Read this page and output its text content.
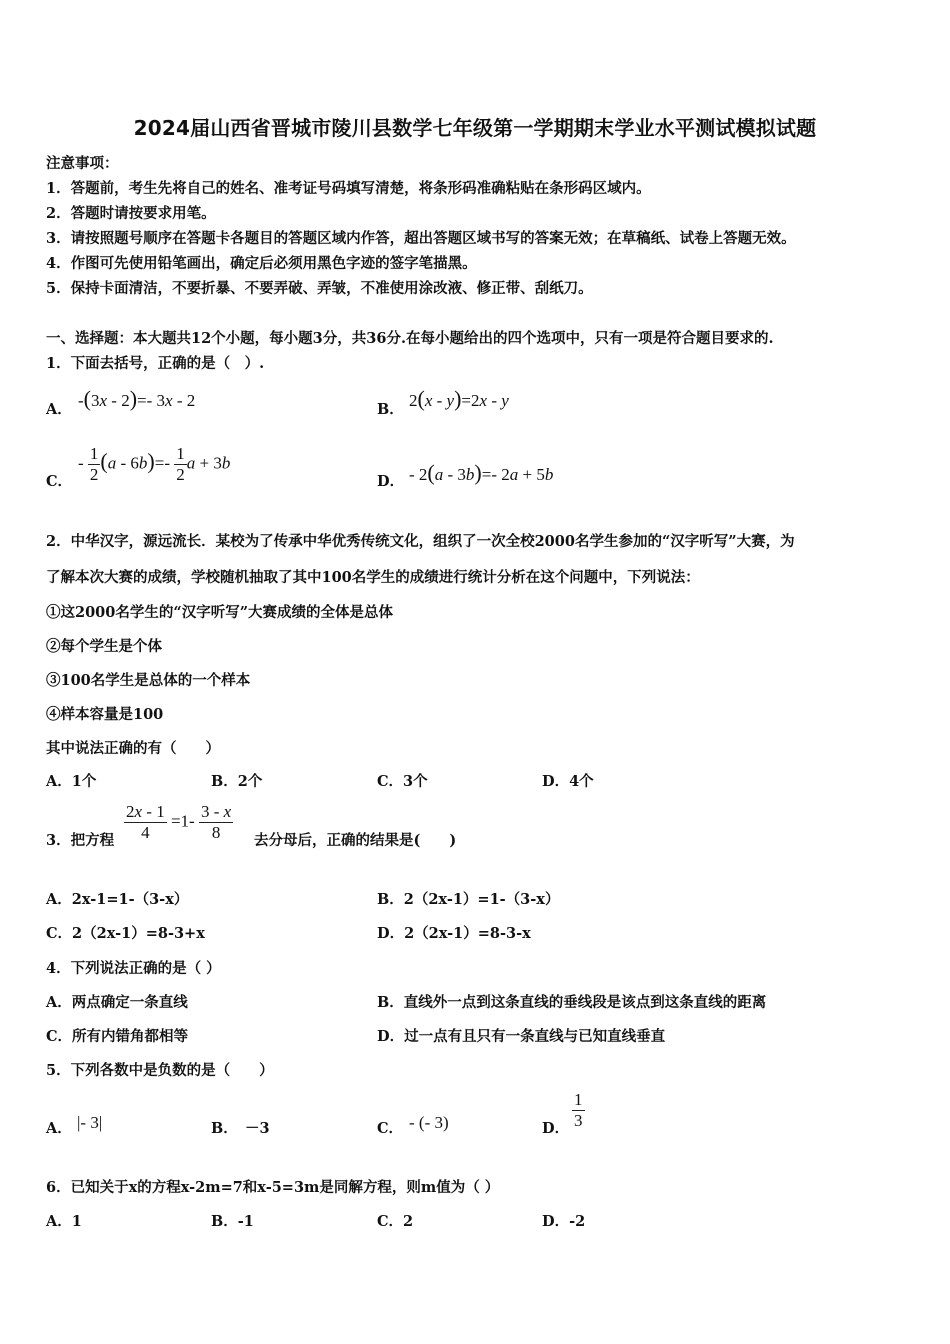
2024届山西省晋城市陵川县数学七年级第一学期期末学业水平测试模拟试题
注意事项：
1．答题前，考生先将自己的姓名、准考证号码填写清楚，将条形码准确粘贴在条形码区域内。
2．答题时请按要求用笔。
3．请按照题号顺序在答题卡各题目的答题区域内作答，超出答题区域书写的答案无效；在草稿纸、试卷上答题无效。
4．作图可先使用铅笔画出，确定后必须用黑色字迹的签字笔描黑。
5．保持卡面清洁，不要折暴、不要弄破、弄皱，不准使用涂改液、修正带、刮纸刀。
一、选择题：本大题共12个小题，每小题3分，共36分.在每小题给出的四个选项中，只有一项是符合题目要求的.
1．下面去括号，正确的是（　）.
A． -(3x - 2)=- 3x - 2	B． 2(x - y)=2x - y
C．
- $\frac{1}{2} (a - 6b)=- \frac{1}{2}$ a + 3b
D． - 2(a - 3b)=- 2a + 5b
2．中华汉字，源远流长．某校为了传承中华优秀传统文化，组织了一次全校2000名学生参加的“汉字听写”大赛，为
了解本次大赛的成绩，学校随机抽取了其中100名学生的成绩进行统计分析在这个问题中，下列说法：
①这2000名学生的“汉字听写”大赛成绩的全体是总体
②每个学生是个体
③100名学生是总体的一个样本
④样本容量是100
其中说法正确的有（　　）
A．1个	B．2个	C．3个	D．4个
3．把方程 $\frac{2x - 1}{4} =1- \frac{3 - x}{8}$ 去分母后，正确的结果是(　　)
A．2x-1=1-（3-x）	B．2（2x-1）=1-（3-x）
C．2（2x-1）=8-3+x	D．2（2x-1）=8-3-x
4．下列说法正确的是（ ）
A．两点确定一条直线	B．直线外一点到这条直线的垂线段是该点到这条直线的距离
C．所有内错角都相等	D．过一点有且只有一条直线与已知直线垂直
5．下列各数中是负数的是（　　）
A． |- 3|	B． －3	C． - (- 3)	D． $\frac{1}{3}$
6．已知关于x的方程x-2m=7和x-5=3m是同解方程，则m值为（ ）
A．1	B．-1	C．2	D．-2
